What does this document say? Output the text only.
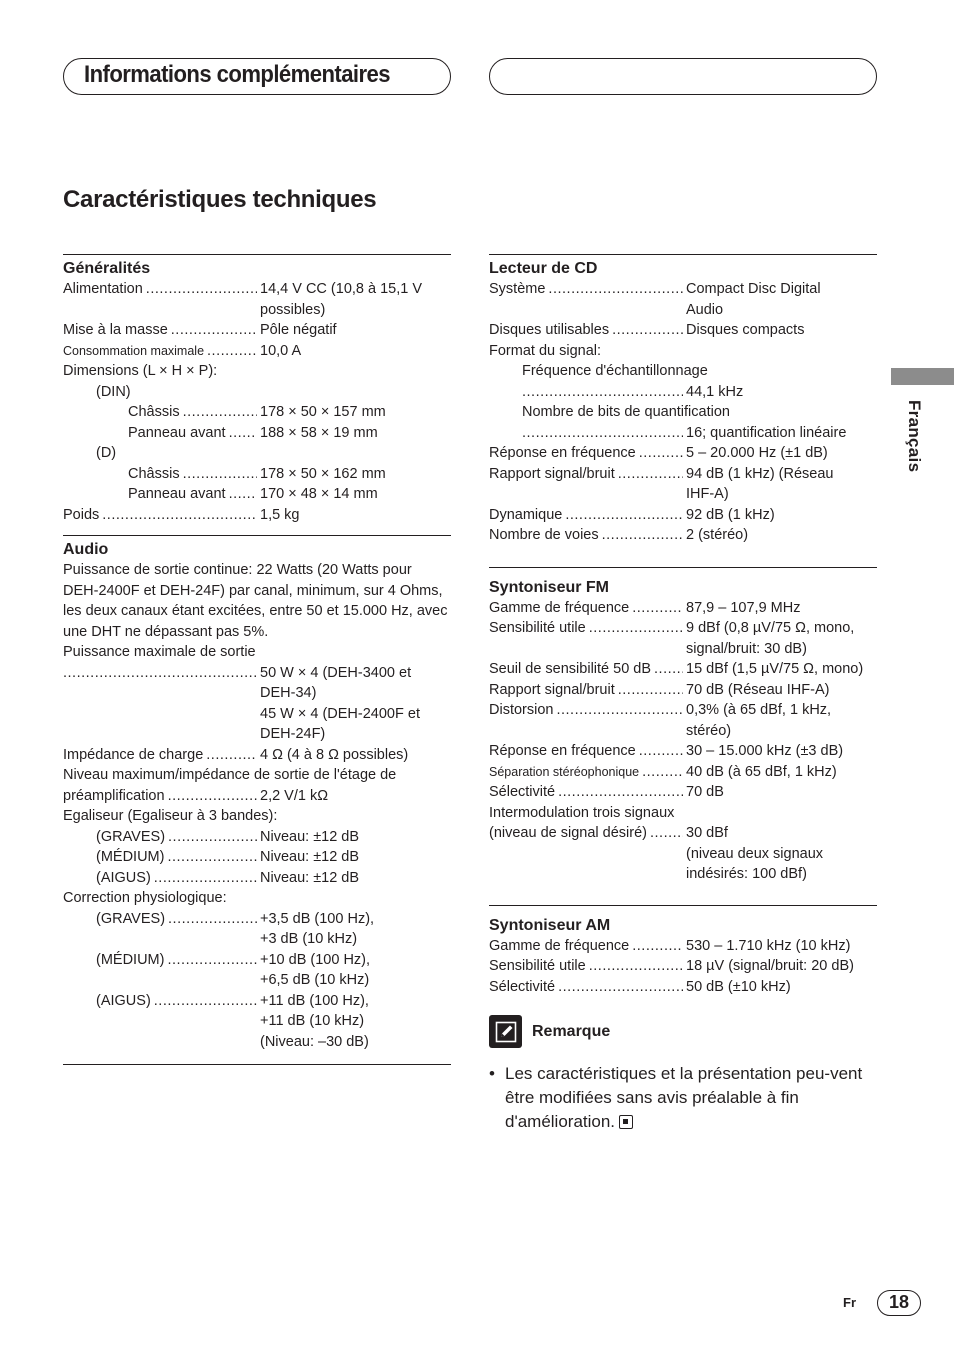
Informations complémentaires
Caractéristiques techniques
Généralités
Alimentation .....	14,4 V CC (10,8 à 15,1 V
possibles)
Mise à la masse .....	Pôle négatif
Consommation maximale .....	10,0 A
Dimensions (L × H × P):
(DIN)
Châssis .....	178 × 50 × 157 mm
Panneau avant ..... 188 × 58 × 19 mm
(D)
Châssis .....	178 × 50 × 162 mm
Panneau avant ..... 170 × 48 × 14 mm
Poids .....	1,5 kg
Audio
Puissance de sortie continue: 22 Watts (20 Watts pour DEH-2400F et DEH-24F) par canal, minimum, sur 4 Ohms, les deux canaux étant excitées, entre 50 et 15.000 Hz, avec une DHT ne dépassant pas 5%.
Puissance maximale de sortie
.....
50 W × 4 (DEH-3400 et
DEH-34)
45 W × 4 (DEH-2400F et
DEH-24F)
Impédance de charge .....	4 Ω (4 à 8 Ω possibles)
Niveau maximum/impédance de sortie de l'étage de
préamplification .....	2,2 V/1 kΩ
Egaliseur (Egaliseur à 3 bandes):
(GRAVES) .....	Niveau: ±12 dB
(MÉDIUM) .....	Niveau: ±12 dB
(AIGUS) .....	Niveau: ±12 dB
Correction physiologique:
(GRAVES) .....	+3,5 dB (100 Hz),
+3 dB (10 kHz)
(MÉDIUM) .....	+10 dB (100 Hz),
+6,5 dB (10 kHz)
(AIGUS) .....	+11 dB (100 Hz),
+11 dB (10 kHz)
(Niveau: –30 dB)
Lecteur de CD
Système .....	Compact Disc Digital
Audio
Disques utilisables .....	Disques compacts
Format du signal:
Fréquence d'échantillonnage
.....
44,1 kHz
Nombre de bits de quantification
.....
16; quantification linéaire
Réponse en fréquence .....	5 – 20.000 Hz (±1 dB)
Rapport signal/bruit .....	94 dB (1 kHz) (Réseau
IHF-A)
Dynamique .....	92 dB (1 kHz)
Nombre de voies .....	2 (stéréo)
Syntoniseur FM
Gamme de fréquence .....	87,9 – 107,9 MHz
Sensibilité utile .....	9 dBf (0,8 µV/75 Ω, mono,
signal/bruit: 30 dB)
Seuil de sensibilité 50 dB ..... 15 dBf (1,5 µV/75 Ω, mono)
Rapport signal/bruit .....	70 dB (Réseau IHF-A)
Distorsion .....	0,3% (à 65 dBf, 1 kHz,
stéréo)
Réponse en fréquence .....	30 – 15.000 kHz (±3 dB)
Séparation stéréophonique .....	40 dB (à 65 dBf, 1 kHz)
Sélectivité .....	70 dB
Intermodulation trois signaux
(niveau de signal désiré) .....	30 dBf
(niveau deux signaux
indésirés: 100 dBf)
Syntoniseur AM
Gamme de fréquence .....	530 – 1.710 kHz (10 kHz)
Sensibilité utile .....	18 µV (signal/bruit: 20 dB)
Sélectivité .....	50 dB (±10 kHz)
Remarque
• Les caractéristiques et la présentation peu-vent être modifiées sans avis préalable à fin d'amélioration.
Français
Fr	18
